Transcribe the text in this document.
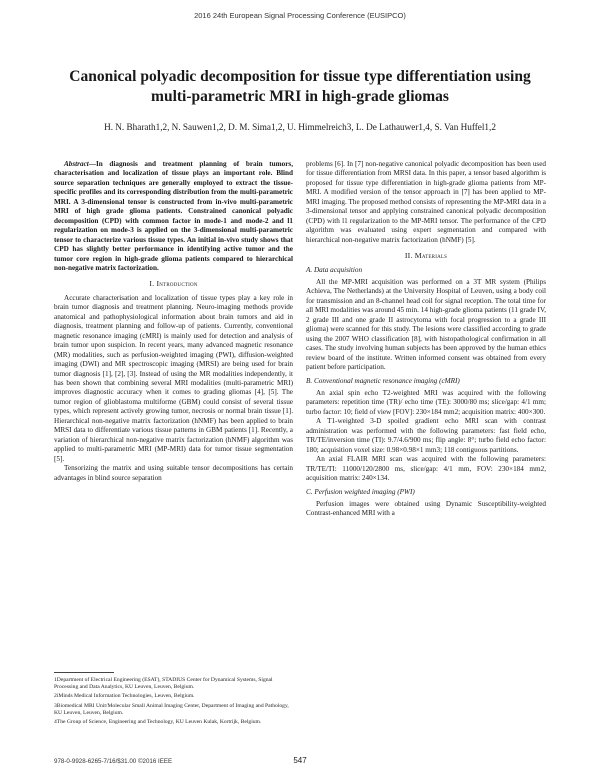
2016 24th European Signal Processing Conference (EUSIPCO)
Canonical polyadic decomposition for tissue type differentiation using
multi-parametric MRI in high-grade gliomas
H. N. Bharath1,2, N. Sauwen1,2, D. M. Sima1,2, U. Himmelreich3, L. De Lathauwer1,4, S. Van Huffel1,2

Abstract—In diagnosis and treatment planning of brain tumors, characterisation and localization of tissue plays an important role. Blind source separation techniques are generally employed to extract the tissue-specific profiles and its corresponding distribution from the multi-parametric MRI. A 3-dimensional tensor is constructed from in-vivo multi-parametric MRI of high grade glioma patients. Constrained canonical polyadic decomposition (CPD) with common factor in mode-1 and mode-2 and l1 regularization on mode-3 is applied on the 3-dimensional multi-parametric tensor to characterize various tissue types. An initial in-vivo study shows that CPD has slightly better performance in identifying active tumor and the tumor core region in high-grade glioma patients compared to hierarchical non-negative matrix factorization.

I. Introduction

Accurate characterisation and localization of tissue types play a key role in brain tumor diagnosis and treatment planning. Neuro-imaging methods provide anatomical and pathophysiological information about brain tumors and aid in diagnosis, treatment planning and follow-up of patients. Currently, conventional magnetic resonance imaging (cMRI) is mainly used for detection and analysis of brain tumor upon suspicion. In recent years, many advanced magnetic resonance (MR) modalities, such as perfusion-weighted imaging (PWI), diffusion-weighted imaging (DWI) and MR spectroscopic imaging (MRSI) are being used for brain tumor diagnosis [1], [2], [3]. Instead of using the MR modalities independently, it has been shown that combining several MRI modalities (multi-parametric MRI) improves diagnostic accuracy when it comes to grading gliomas [4], [5]. The tumor region of glioblastoma multiforme (GBM) could consist of several tissue types, which represent actively growing tumor, necrosis or normal brain tissue [1]. Hierarchical non-negative matrix factorization (hNMF) has been applied to brain MRSI data to differentiate various tissue patterns in GBM patients [1]. Recently, a variation of hierarchical non-negative matrix factorization (hNMF) algorithm was applied to multi-parametric MRI (MP-MRI) data for tumor tissue segmentation [5].

Tensorizing the matrix and using suitable tensor decompositions has certain advantages in blind source separation

1Department of Electrical Engineering (ESAT), STADIUS Center for Dynamical Systems, Signal Processing and Data Analytics, KU Leuven, Leuven, Belgium.
2iMinds Medical Information Technologies, Leuven, Belgium.
3Biomedical MRI Unit/Molecular Small Animal Imaging Center, Department of Imaging and Pathology, KU Leuven, Leuven, Belgium.
4The Group of Science, Engineering and Technology, KU Leuven Kulak, Kortrijk, Belgium.

problems [6]. In [7] non-negative canonical polyadic decomposition has been used for tissue differentiation from MRSI data. In this paper, a tensor based algorithm is proposed for tissue type differentiation in high-grade glioma patients from MP-MRI. A modified version of the tensor approach in [7] has been applied to MP-MRI imaging. The proposed method consists of representing the MP-MRI data in a 3-dimensional tensor and applying constrained canonical polyadic decomposition (CPD) with l1 regularization to the MP-MRI tensor. The performance of the CPD algorithm was evaluated using expert segmentation and compared with hierarchical non-negative matrix factorization (hNMF) [5].

II. Materials
A. Data acquisition

All the MP-MRI acquisition was performed on a 3T MR system (Philips Achieva, The Netherlands) at the University Hospital of Leuven, using a body coil for transmission and an 8-channel head coil for signal reception. The total time for all MRI modalities was around 45 min. 14 high-grade glioma patients (11 grade IV, 2 grade III and one grade II astrocytoma with focal progression to a grade III glioma) were scanned for this study. The lesions were classified according to grade using the 2007 WHO classification [8], with histopathological confirmation in all cases. The study involving human subjects has been approved by the human ethics review board of the institute. Written informed consent was obtained from every patient before participation.

B. Conventional magnetic resonance imaging (cMRI)

An axial spin echo T2-weighted MRI was acquired with the following parameters: repetition time (TR)/ echo time (TE): 3000/80 ms; slice/gap: 4/1 mm; turbo factor: 10; field of view [FOV]: 230×184 mm2; acquisition matrix: 400×300.

A T1-weighted 3-D spoiled gradient echo MRI scan with contrast administration was performed with the following parameters: fast field echo, TR/TE/inversion time (TI): 9.7/4.6/900 ms; flip angle: 8°; turbo field echo factor: 180; acquisition voxel size: 0.98×0.98×1 mm3; 118 contiguous partitions.

An axial FLAIR MRI scan was acquired with the following parameters: TR/TE/TI: 11000/120/2800 ms, slice/gap: 4/1 mm, FOV: 230×184 mm2, acquisition matrix: 240×134.

C. Perfusion weighted imaging (PWI)

Perfusion images were obtained using Dynamic Susceptibility-weighted Contrast-enhanced MRI with a

978-0-9928-6265-7/16/$31.00 ©2016 IEEE	547
